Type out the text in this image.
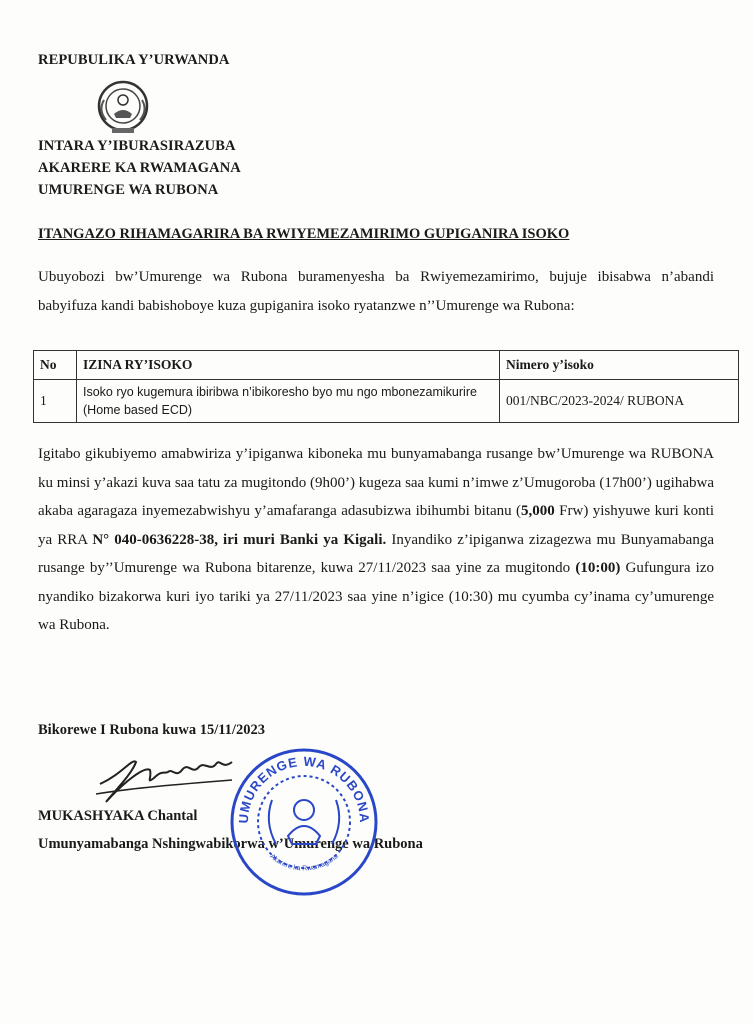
REPUBULIKA Y’URWANDA
INTARA Y’IBURASIRAZUBA
AKARERE KA RWAMAGANA
UMURENGE WA RUBONA
ITANGAZO RIHAMAGARIRA BA RWIYEMEZAMIRIMO GUPIGANIRA ISOKO
Ubuyobozi bw’Umurenge wa Rubona buramenyesha ba Rwiyemezamirimo, bujuje ibisabwa n’abandi babyifuza kandi babishoboye kuza gupiganira isoko ryatanzwe n’’Umurenge wa Rubona:
No	IZINA RY’ISOKO	Nimero y’isoko
1	Isoko ryo kugemura ibiribwa n’ibikoresho byo mu ngo mbonezamikurire (Home based ECD)	001/NBC/2023-2024/ RUBONA
Igitabo gikubiyemo amabwiriza y’ipiganwa kiboneka mu bunyamabanga rusange bw’Umurenge wa RUBONA ku minsi y’akazi kuva saa tatu za mugitondo (9h00’) kugeza saa kumi n’imwe z’Umugoroba (17h00’) ugihabwa akaba agaragaza inyemezabwishyu y’amafaranga adasubizwa ibihumbi bitanu (5,000 Frw) yishyuwe kuri konti ya RRA N° 040-0636228-38, iri muri Banki ya Kigali. Inyandiko z’ipiganwa zizagezwa mu Bunyamabanga rusange by’’Umurenge wa Rubona bitarenze, kuwa 27/11/2023 saa yine za mugitondo (10:00) Gufungura izo nyandiko bizakorwa kuri iyo tariki ya 27/11/2023 saa yine n’igice (10:30) mu cyumba cy’inama cy’umurenge wa Rubona.
Bikorewe I Rubona kuwa 15/11/2023
MUKASHYAKA Chantal
Umunyamabanga Nshingwabikorwa w’Umurenge wa Rubona
UMURENGE WA RUBONA
Akarere ka Rwamagana
